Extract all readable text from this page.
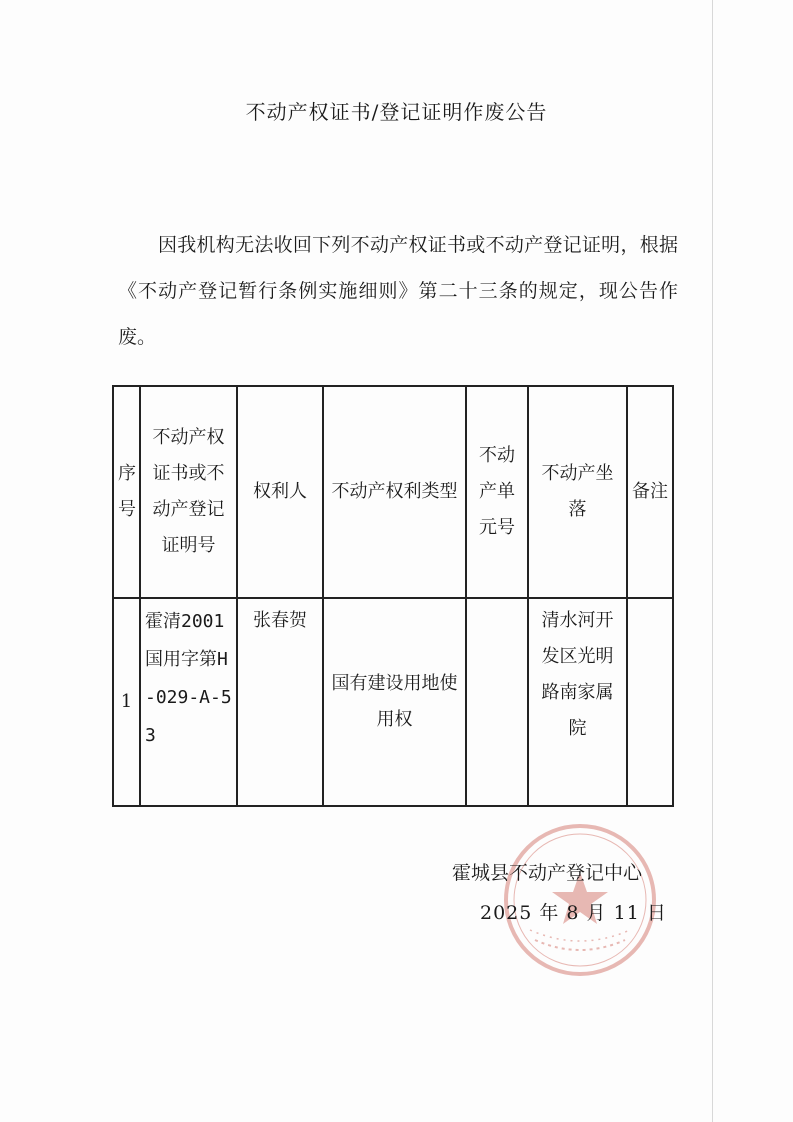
不动产权证书/登记证明作废公告
因我机构无法收回下列不动产权证书或不动产登记证明，根据《不动产登记暂行条例实施细则》第二十三条的规定，现公告作废。
序号	不动产权证书或不动产登记证明号	权利人	不动产权利类型	不动产单元号	不动产坐落	备注
1	霍清2001国用字第H-029-A-53	张春贺	国有建设用地使用权		清水河开发区光明路南家属院	
霍城县不动产登记中心
2025 年 8 月 11 日
